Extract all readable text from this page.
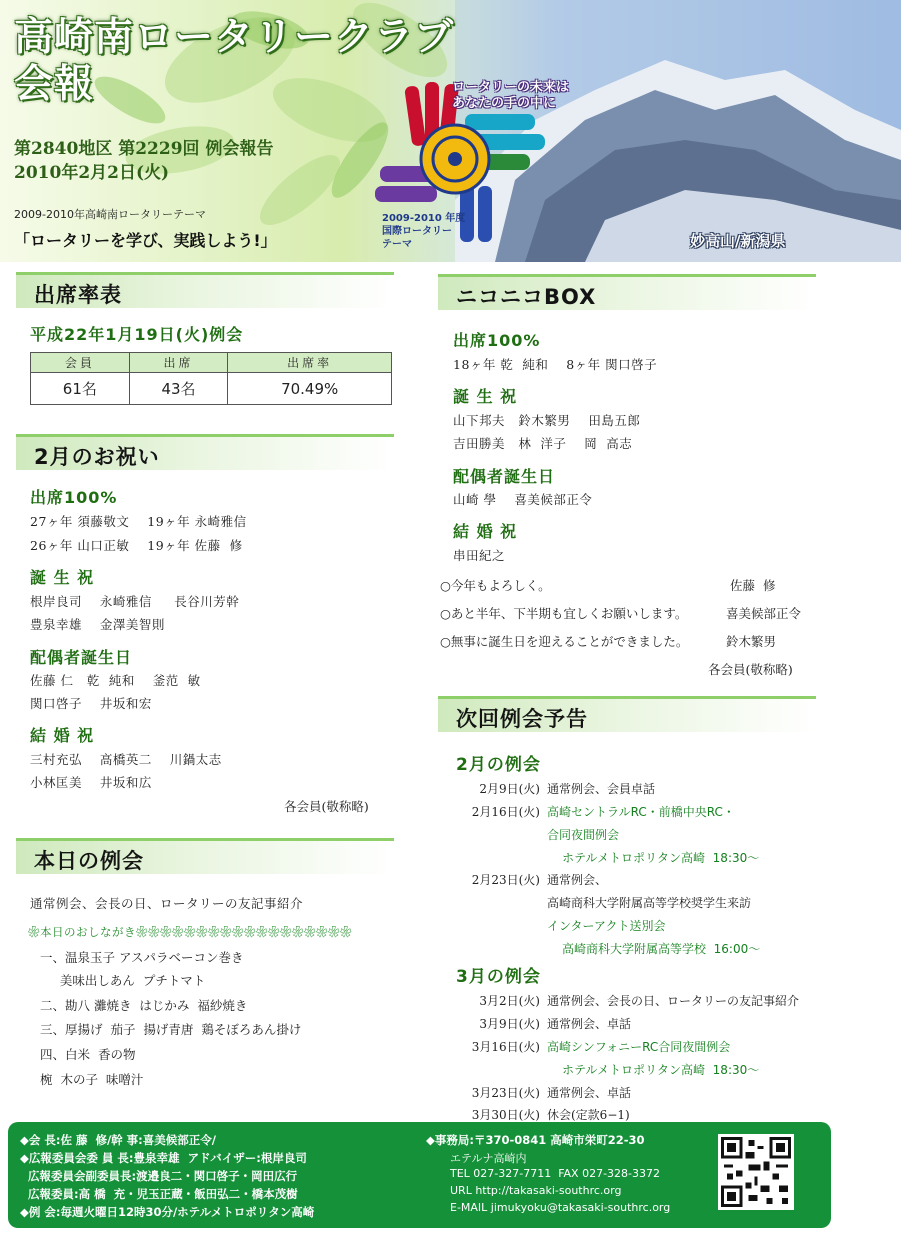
高崎南ロータリークラブ
会報
第2840地区 第2229回 例会報告
2010年2月2日(火)
2009-2010年高崎南ロータリーテーマ
「ロータリーを学び、実践しよう!」
ロータリーの未来は
あなたの手の中に
2009-2010 年度
国際ロータリー
テーマ	妙高山/新潟県
出席率表
平成22年1月19日(火)例会
会員	出席	出席率
61名	43名	70.49%
2月のお祝い
出席100%
27ヶ年 須藤敬文    19ヶ年 永崎雅信
26ヶ年 山口正敏    19ヶ年 佐藤  修
誕 生 祝
根岸良司    永崎雅信     長谷川芳幹
豊泉幸雄    金澤美智則
配偶者誕生日
佐藤 仁   乾  純和    釜范  敏
関口啓子    井坂和宏
結 婚 祝
三村充弘    高橋英二    川鍋太志
小林匡美    井坂和広
各会員(敬称略)
本日の例会
通常例会、会長の日、ロータリーの友記事紹介
❀本日のおしながき❀❀❀❀❀❀❀❀❀❀❀❀❀❀❀❀❀❀
一、温泉玉子 アスパラベーコン巻き
美味出しあん  プチトマト
二、勘八 灘焼き  はじかみ  福紗焼き
三、厚揚げ  茄子  揚げ青唐  鶏そぼろあん掛け
四、白米  香の物
椀  木の子  味噌汁
ニコニコBOX
出席100%
18ヶ年 乾  純和    8ヶ年 関口啓子
誕 生 祝
山下邦夫   鈴木繁男    田島五郎
吉田勝美   林  洋子    岡  高志
配偶者誕生日
山崎 學    喜美候部正令
結 婚 祝
串田紀之
○今年もよろしく。	佐藤  修
○あと半年、下半期も宜しくお願いします。	喜美候部正令
○無事に誕生日を迎えることができました。	鈴木繁男
各会員(敬称略)
次回例会予告
2月の例会
2月9日(火) 通常例会、会員卓話
2月16日(火) 高崎セントラルRC・前橋中央RC・
合同夜間例会
ホテルメトロポリタン高崎  18:30〜
2月23日(火) 通常例会、
高崎商科大学附属高等学校奨学生来訪
インターアクト送別会
高崎商科大学附属高等学校  16:00〜
3月の例会
3月2日(火) 通常例会、会長の日、ロータリーの友記事紹介
3月9日(火) 通常例会、卓話
3月16日(火) 高崎シンフォニーRC合同夜間例会
ホテルメトロポリタン高崎  18:30〜
3月23日(火) 通常例会、卓話
3月30日(火) 休会(定款6−1)
◆会 長:佐 藤  修/幹 事:喜美候部正令/
◆広報委員会委 員 長:豊泉幸雄  アドバイザー:根岸良司
広報委員会副委員長:渡邉良二・関口啓子・岡田広行
広報委員:高 橋  充・児玉正蔵・飯田弘二・橋本茂樹
◆例 会:毎週火曜日12時30分/ホテルメトロポリタン高崎
◆事務局:〒370-0841 高崎市栄町22-30
エテルナ高崎内
TEL 027-327-7711  FAX 027-328-3372
URL http://takasaki-southrc.org
E-MAIL jimukyoku@takasaki-southrc.org
